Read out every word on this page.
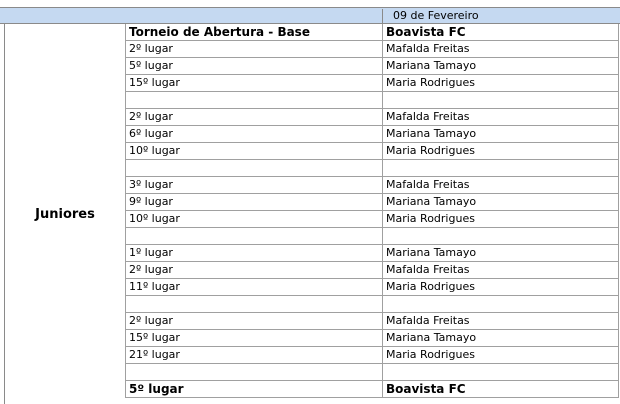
09 de Fevereiro
Juniores
Torneio de Abertura - Base	Boavista FC
2º lugar	Mafalda Freitas
5º lugar	Mariana Tamayo
15º lugar	Maria Rodrigues
2º lugar	Mafalda Freitas
6º lugar	Mariana Tamayo
10º lugar	Maria Rodrigues
3º lugar	Mafalda Freitas
9º lugar	Mariana Tamayo
10º lugar	Maria Rodrigues
1º lugar	Mariana Tamayo
2º lugar	Mafalda Freitas
11º lugar	Maria Rodrigues
2º lugar	Mafalda Freitas
15º lugar	Mariana Tamayo
21º lugar	Maria Rodrigues
5º lugar	Boavista FC
